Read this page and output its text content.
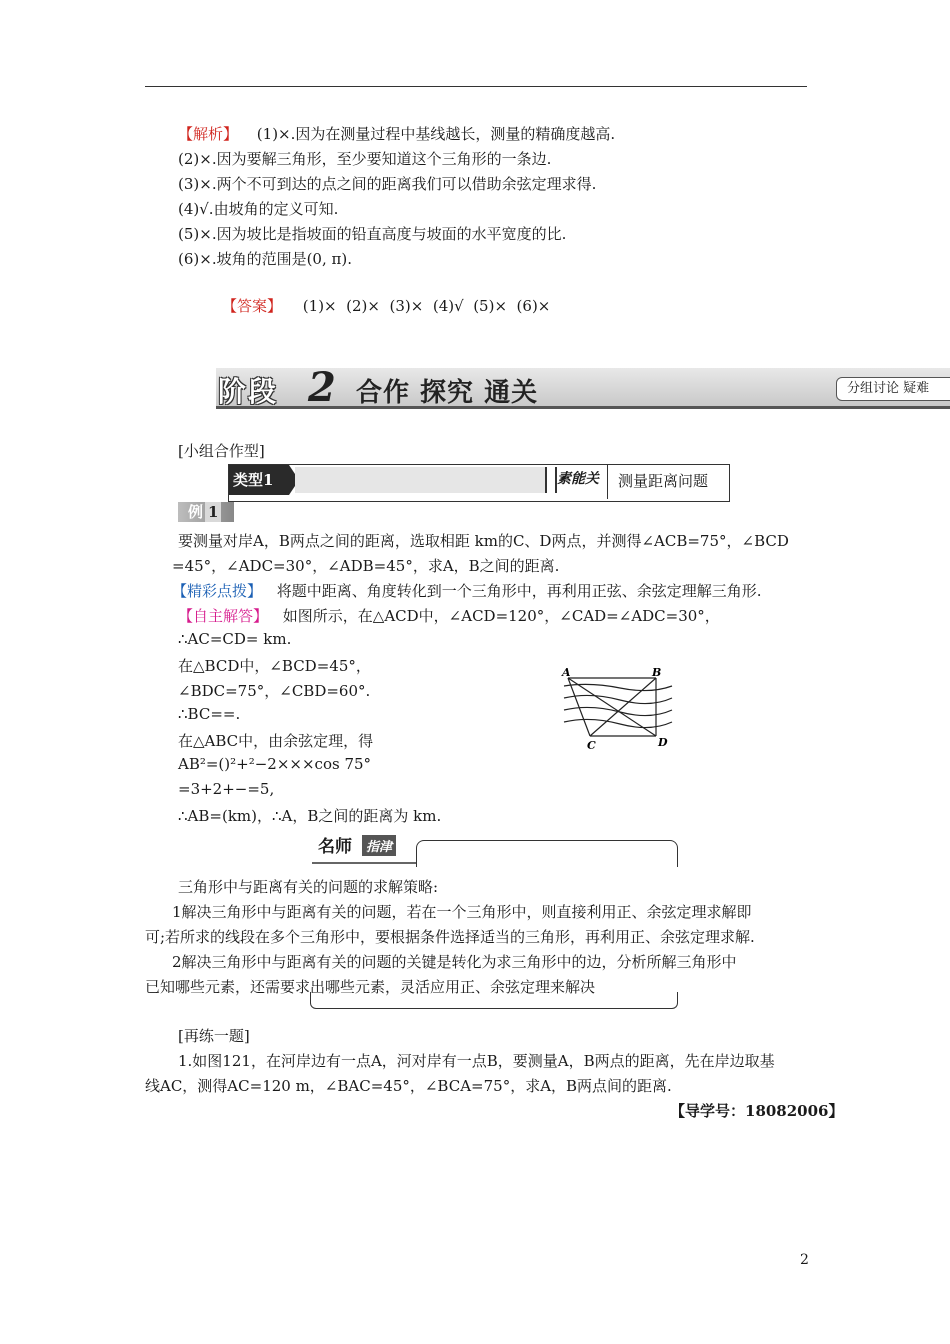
【解析】 (1)×.因为在测量过程中基线越长，测量的精确度越高.
(2)×.因为要解三角形，至少要知道这个三角形的一条边.
(3)×.两个不可到达的点之间的距离我们可以借助余弦定理求得.
(4)√.由坡角的定义可知.
(5)×.因为坡比是指坡面的铅直高度与坡面的水平宽度的比.
(6)×.坡角的范围是(0, π).
【答案】 (1)×  (2)×  (3)×  (4)√  (5)×  (6)×
阶段 2 合作 探究 通关	分组讨论 疑难
[小组合作型]
类型1	素能关	测量距离问题
例 1
要测量对岸A，B两点之间的距离，选取相距 km的C、D两点，并测得∠ACB=75°，∠BCD
=45°，∠ADC=30°，∠ADB=45°，求A，B之间的距离.
【精彩点拨】 将题中距离、角度转化到一个三角形中，再利用正弦、余弦定理解三角形.
【自主解答】 如图所示，在△ACD中，∠ACD=120°，∠CAD=∠ADC=30°，
∴AC=CD= km.
在△BCD中，∠BCD=45°，
∠BDC=75°，∠CBD=60°.
∴BC==.
在△ABC中，由余弦定理，得
AB²=()²+²−2×××cos 75°
=3+2+−=5,
∴AB=(km)，∴A，B之间的距离为 km.
A	B
C	D
名师	指津
三角形中与距离有关的问题的求解策略:
1解决三角形中与距离有关的问题，若在一个三角形中，则直接利用正、余弦定理求解即
可;若所求的线段在多个三角形中，要根据条件选择适当的三角形，再利用正、余弦定理求解.
2解决三角形中与距离有关的问题的关键是转化为求三角形中的边，分析所解三角形中
已知哪些元素，还需要求出哪些元素，灵活应用正、余弦定理来解决
[再练一题]
1.如图121，在河岸边有一点A，河对岸有一点B，要测量A，B两点的距离，先在岸边取基
线AC，测得AC=120 m，∠BAC=45°，∠BCA=75°，求A，B两点间的距离.
【导学号：18082006】
2
